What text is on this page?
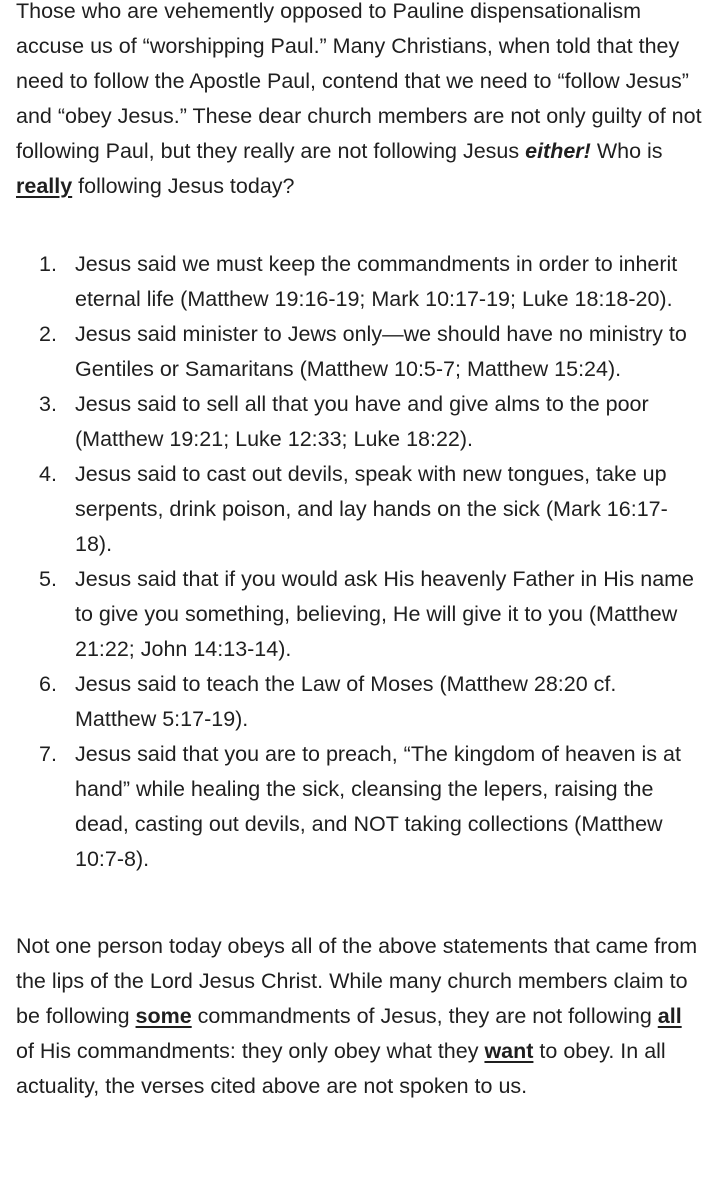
Those who are vehemently opposed to Pauline dispensationalism accuse us of “worshipping Paul.” Many Christians, when told that they need to follow the Apostle Paul, contend that we need to “follow Jesus” and “obey Jesus.” These dear church members are not only guilty of not following Paul, but they really are not following Jesus either! Who is really following Jesus today?

1. Jesus said we must keep the commandments in order to inherit eternal life (Matthew 19:16-19; Mark 10:17-19; Luke 18:18-20).
2. Jesus said minister to Jews only—we should have no ministry to Gentiles or Samaritans (Matthew 10:5-7; Matthew 15:24).
3. Jesus said to sell all that you have and give alms to the poor (Matthew 19:21; Luke 12:33; Luke 18:22).
4. Jesus said to cast out devils, speak with new tongues, take up serpents, drink poison, and lay hands on the sick (Mark 16:17-18).
5. Jesus said that if you would ask His heavenly Father in His name to give you something, believing, He will give it to you (Matthew 21:22; John 14:13-14).
6. Jesus said to teach the Law of Moses (Matthew 28:20 cf. Matthew 5:17-19).
7. Jesus said that you are to preach, “The kingdom of heaven is at hand” while healing the sick, cleansing the lepers, raising the dead, casting out devils, and NOT taking collections (Matthew 10:7-8).

Not one person today obeys all of the above statements that came from the lips of the Lord Jesus Christ. While many church members claim to be following some commandments of Jesus, they are not following all of His commandments: they only obey what they want to obey. In all actuality, the verses cited above are not spoken to us.
